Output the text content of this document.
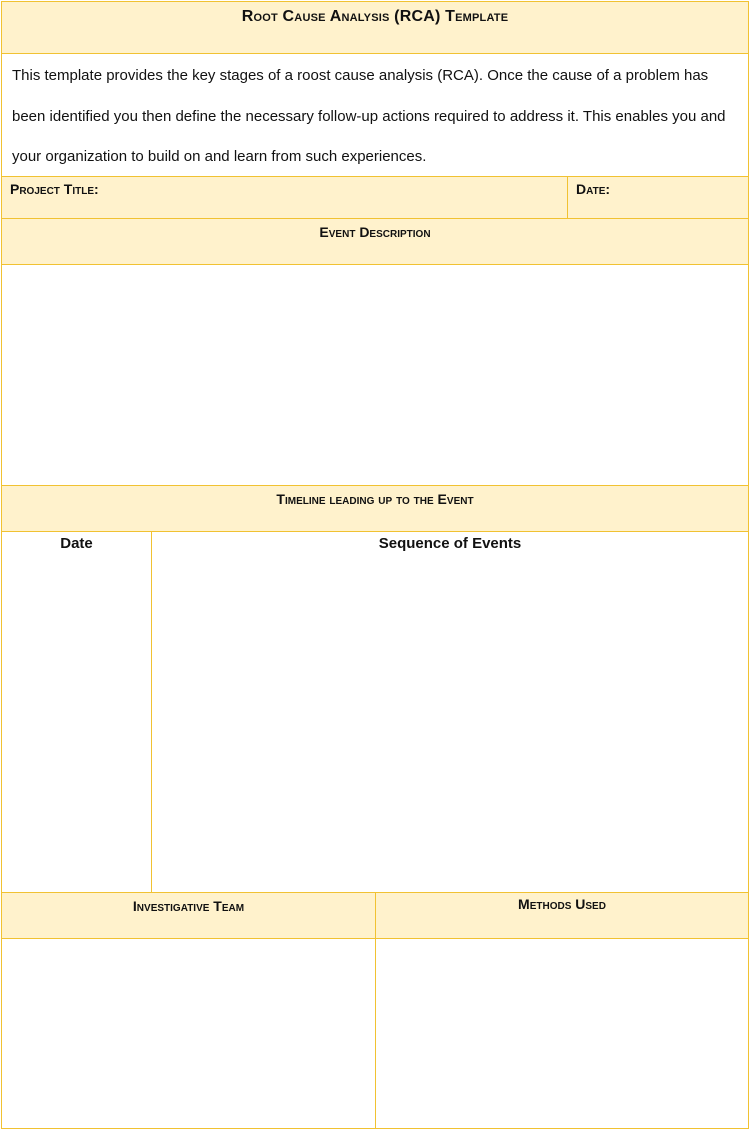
Root Cause Analysis (RCA) Template
This template provides the key stages of a roost cause analysis (RCA). Once the cause of a problem has been identified you then define the necessary follow-up actions required to address it. This enables you and your organization to build on and learn from such experiences.
Project Title:	Date:
Event Description
Timeline leading up to the Event
Date	Sequence of Events
Investigative Team	Methods Used
